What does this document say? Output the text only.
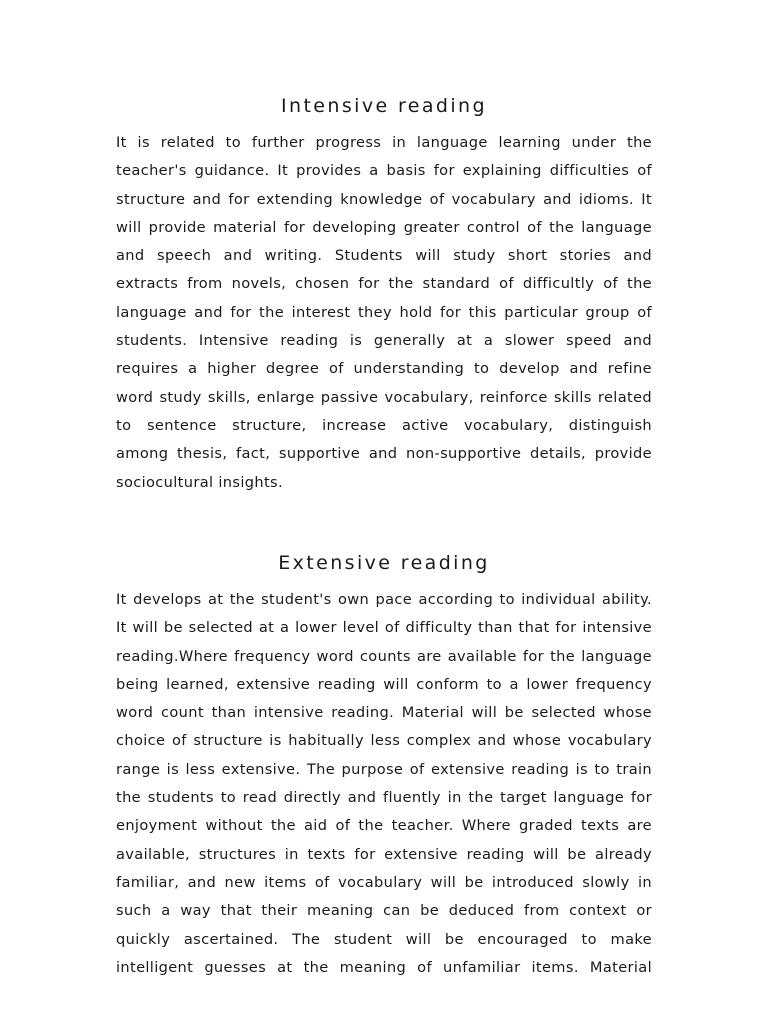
Intensive reading
It is related to further progress in language learning under the
teacher's guidance. It provides a basis for explaining difficulties of
structure and for extending knowledge of vocabulary and idioms. It
will provide material for developing greater control of the language
and speech and writing. Students will study short stories and
extracts from novels, chosen for the standard of difficultly of the
language and for the interest they hold for this particular group of
students. Intensive reading is generally at a slower speed and
requires a higher degree of understanding to develop and refine
word study skills, enlarge passive vocabulary, reinforce skills related
to sentence structure, increase active vocabulary, distinguish
among thesis, fact, supportive and non-supportive details, provide
sociocultural insights.
Extensive reading
It develops at the student's own pace according to individual ability.
It will be selected at a lower level of difficulty than that for intensive
reading.Where frequency word counts are available for the language
being learned, extensive reading will conform to a lower frequency
word count than intensive reading. Material will be selected whose
choice of structure is habitually less complex and whose vocabulary
range is less extensive. The purpose of extensive reading is to train
the students to read directly and fluently in the target language for
enjoyment without the aid of the teacher. Where graded texts are
available, structures in texts for extensive reading will be already
familiar, and new items of vocabulary will be introduced slowly in
such a way that their meaning can be deduced from context or
quickly ascertained. The student will be encouraged to make
intelligent guesses at the meaning of unfamiliar items. Material
